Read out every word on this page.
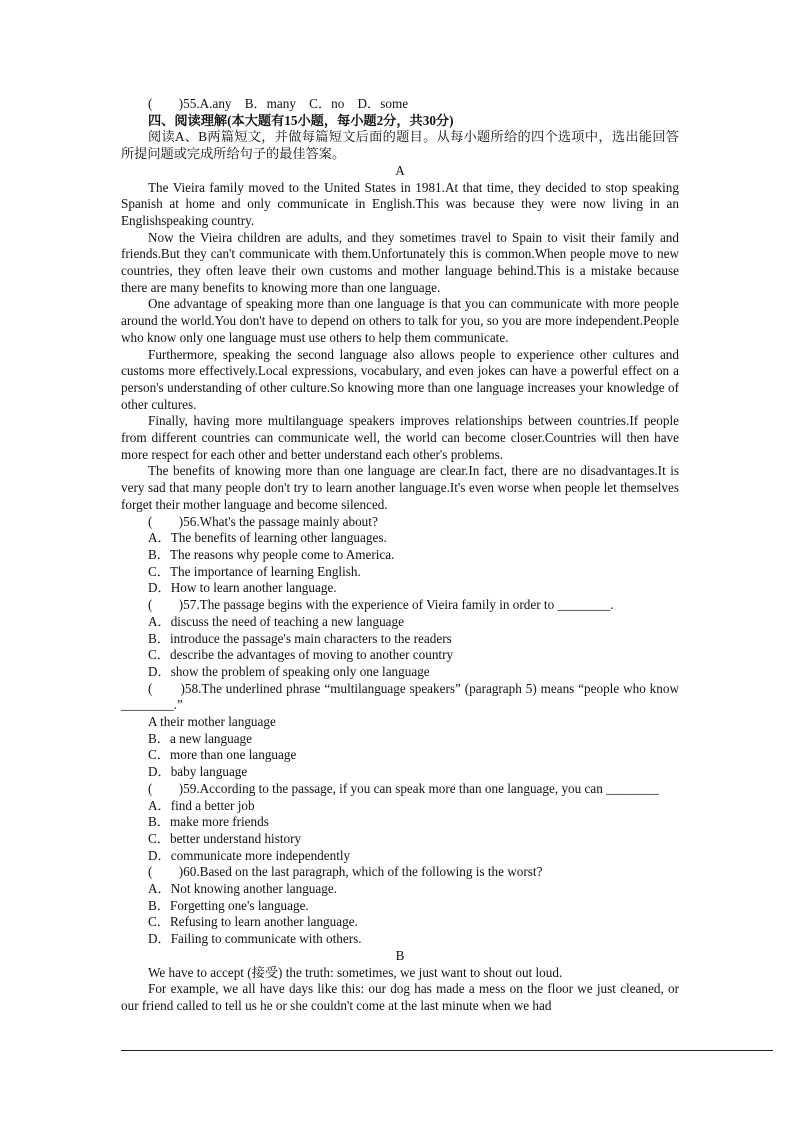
(　　)55.A.any　B．many　C．no　D．some

四、阅读理解(本大题有15小题，每小题2分，共30分)

阅读A、B两篇短文，并做每篇短文后面的题目。从每小题所给的四个选项中，选出能回答所提问题或完成所给句子的最佳答案。

A

The Vieira family moved to the United States in 1981.At that time, they decided to stop speaking Spanish at home and only communicate in English.This was because they were now living in an Englishspeaking country.

Now the Vieira children are adults, and they sometimes travel to Spain to visit their family and friends.But they can't communicate with them.Unfortunately this is common.When people move to new countries, they often leave their own customs and mother language behind.This is a mistake because there are many benefits to knowing more than one language.

One advantage of speaking more than one language is that you can communicate with more people around the world.You don't have to depend on others to talk for you, so you are more independent.People who know only one language must use others to help them communicate.

Furthermore, speaking the second language also allows people to experience other cultures and customs more effectively.Local expressions, vocabulary, and even jokes can have a powerful effect on a person's understanding of other culture.So knowing more than one language increases your knowledge of other cultures.

Finally, having more multilanguage speakers improves relationships between countries.If people from different countries can communicate well, the world can become closer.Countries will then have more respect for each other and better understand each other's problems.

The benefits of knowing more than one language are clear.In fact, there are no disadvantages.It is very sad that many people don't try to learn another language.It's even worse when people let themselves forget their mother language and become silenced.

(　　)56.What's the passage mainly about?

A．The benefits of learning other languages.
B．The reasons why people come to America.
C．The importance of learning English.
D．How to learn another language.

(　　)57.The passage begins with the experience of Vieira family in order to ________.

A．discuss the need of teaching a new language
B．introduce the passage's main characters to the readers
C．describe the advantages of moving to another country
D．show the problem of speaking only one language

(　　)58.The underlined phrase “multilanguage speakers” (paragraph 5) means “people who know ________.”

A their mother language
B．a new language
C．more than one language
D．baby language

(　　)59.According to the passage, if you can speak more than one language, you can ________

A．find a better job
B．make more friends
C．better understand history
D．communicate more independently

(　　)60.Based on the last paragraph, which of the following is the worst?

A．Not knowing another language.
B．Forgetting one's language.
C．Refusing to learn another language.
D．Failing to communicate with others.

B

We have to accept (接受) the truth: sometimes, we just want to shout out loud.

For example, we all have days like this: our dog has made a mess on the floor we just cleaned, or our friend called to tell us he or she couldn't come at the last minute when we had
